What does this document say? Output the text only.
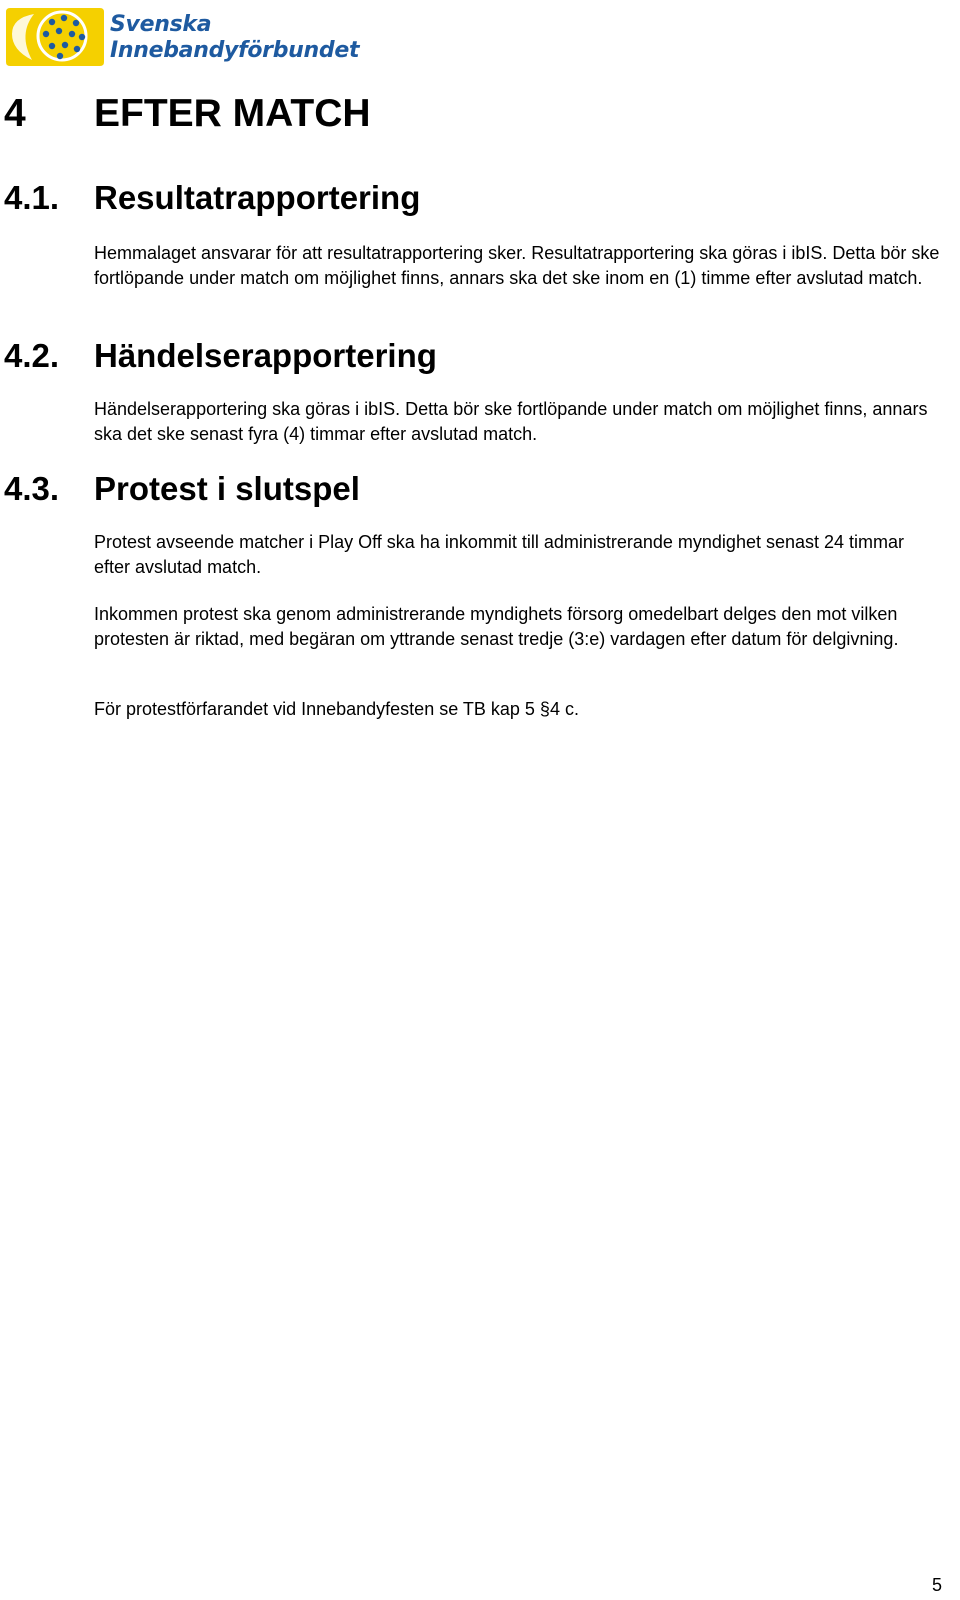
Svenska
Innebandyförbundet
4 EFTER MATCH
4.1. Resultatrapportering

Hemmalaget ansvarar för att resultatrapportering sker. Resultatrapportering ska göras i ibIS. Detta bör ske fortlöpande under match om möjlighet finns, annars ska det ske inom en (1) timme efter avslutad match.

4.2. Händelserapportering

Händelserapportering ska göras i ibIS. Detta bör ske fortlöpande under match om möjlighet finns, annars ska det ske senast fyra (4) timmar efter avslutad match.

4.3. Protest i slutspel

Protest avseende matcher i Play Off ska ha inkommit till administrerande myndighet senast 24 timmar efter avslutad match.

Inkommen protest ska genom administrerande myndighets försorg omedelbart delges den mot vilken protesten är riktad, med begäran om yttrande senast tredje (3:e) vardagen efter datum för delgivning.

För protestförfarandet vid Innebandyfesten se TB kap 5 §4 c.

5
